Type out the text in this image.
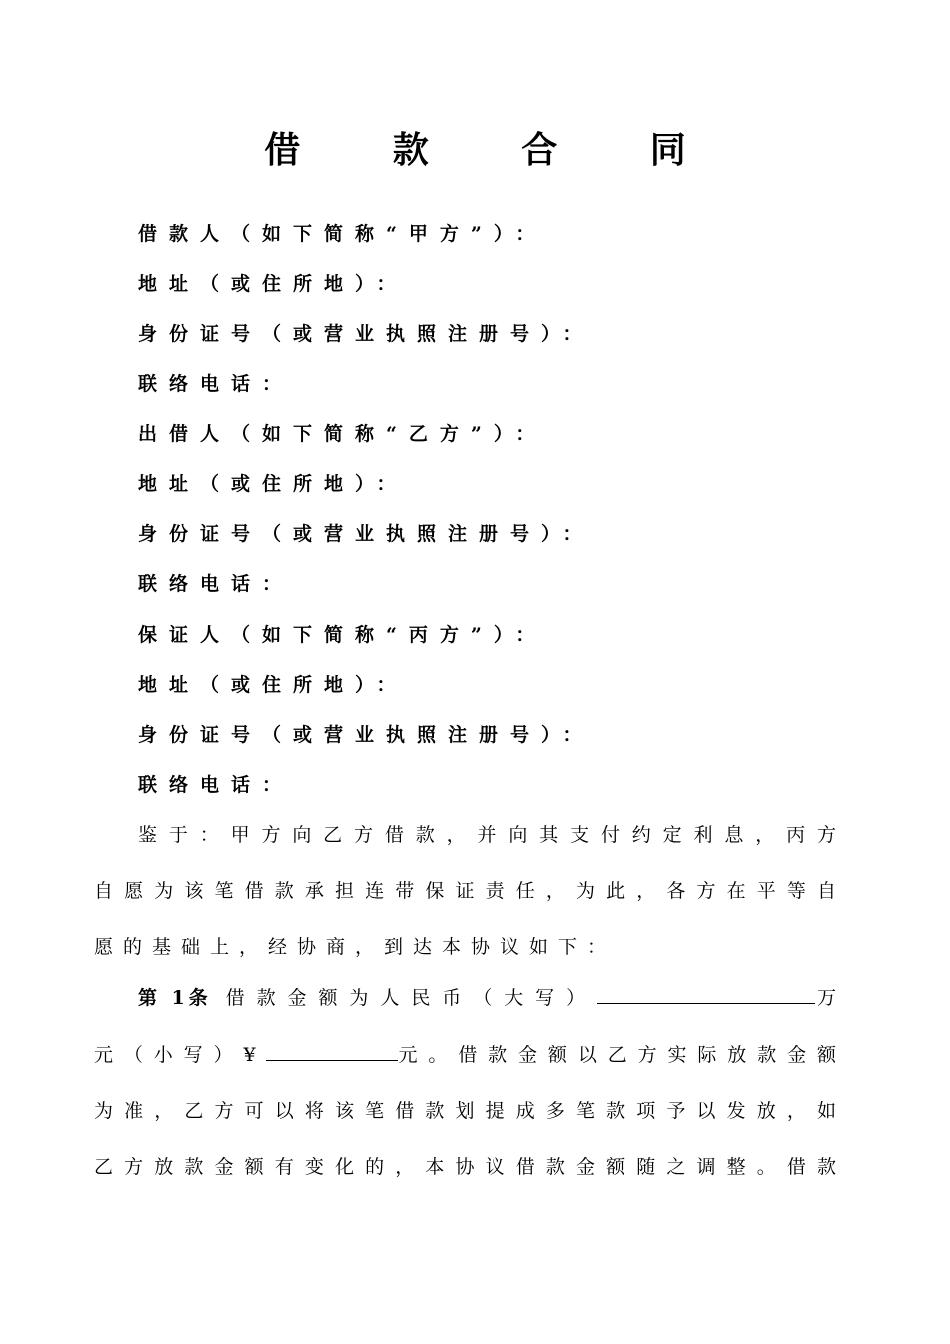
借 款 合 同
借款人（如下简称“甲方”）：
地址（或住所地）：
身份证号（或营业执照注册号）：
联络电话：
出借人（如下简称“乙方”）：
地址（或住所地）：
身份证号（或营业执照注册号）：
联络电话：
保证人（如下简称“丙方”）：
地址（或住所地）：
身份证号（或营业执照注册号）：
联络电话：
鉴于：甲方向乙方借款，并向其支付约定利息，丙方
自愿为该笔借款承担连带保证责任，为此，各方在平等自
愿的基础上，经协商，到达本协议如下：
第 1条 借款金额为人民币（大写）	万
元（小写）¥	元。借款金额以乙方实际放款金额
为准，乙方可以将该笔借款划提成多笔款项予以发放，如
乙方放款金额有变化的，本协议借款金额随之调整。借款
